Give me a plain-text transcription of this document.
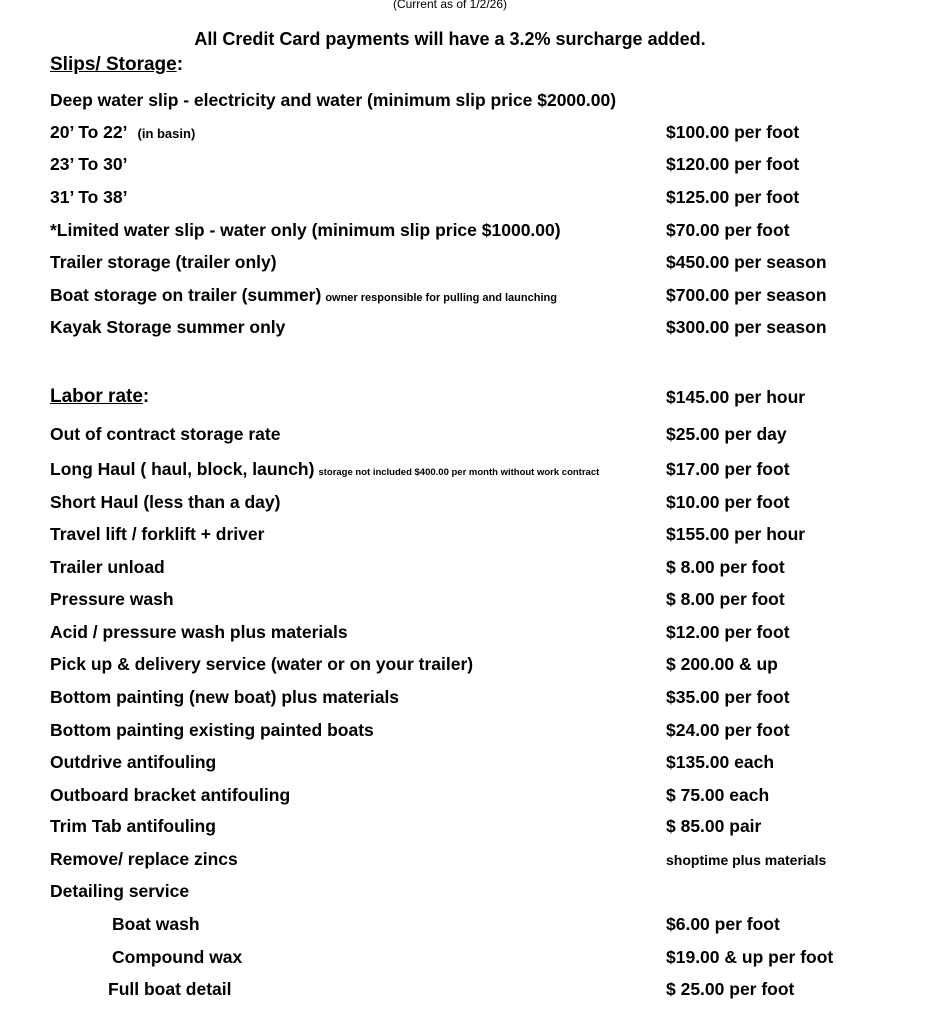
(Current as of 1/2/26)
All Credit Card payments will have a 3.2% surcharge added.
Slips/ Storage:
Deep water slip - electricity and water (minimum slip price $2000.00)
20’ To 22’ (in basin)	$100.00 per foot
23’ To 30’	$120.00 per foot
31’ To 38’	$125.00 per foot
*Limited water slip - water only (minimum slip price $1000.00)	$70.00 per foot
Trailer storage (trailer only)	$450.00 per season
Boat storage on trailer (summer) owner responsible for pulling and launching	$700.00 per season
Kayak Storage summer only	$300.00 per season
Labor rate:	$145.00 per hour
Out of contract storage rate	$25.00 per day
Long Haul ( haul, block, launch) storage not included $400.00 per month without work contract	$17.00 per foot
Short Haul (less than a day)	$10.00 per foot
Travel lift / forklift + driver	$155.00 per hour
Trailer unload	$ 8.00 per foot
Pressure wash	$ 8.00 per foot
Acid / pressure wash plus materials	$12.00 per foot
Pick up & delivery service (water or on your trailer)	$ 200.00 & up
Bottom painting (new boat) plus materials	$35.00 per foot
Bottom painting existing painted boats	$24.00 per foot
Outdrive antifouling	$135.00 each
Outboard bracket antifouling	$ 75.00 each
Trim Tab antifouling	$ 85.00 pair
Remove/ replace zincs	shoptime plus materials
Detailing service
Boat wash	$6.00 per foot
Compound wax	$19.00 & up per foot
Full boat detail	$ 25.00 per foot
